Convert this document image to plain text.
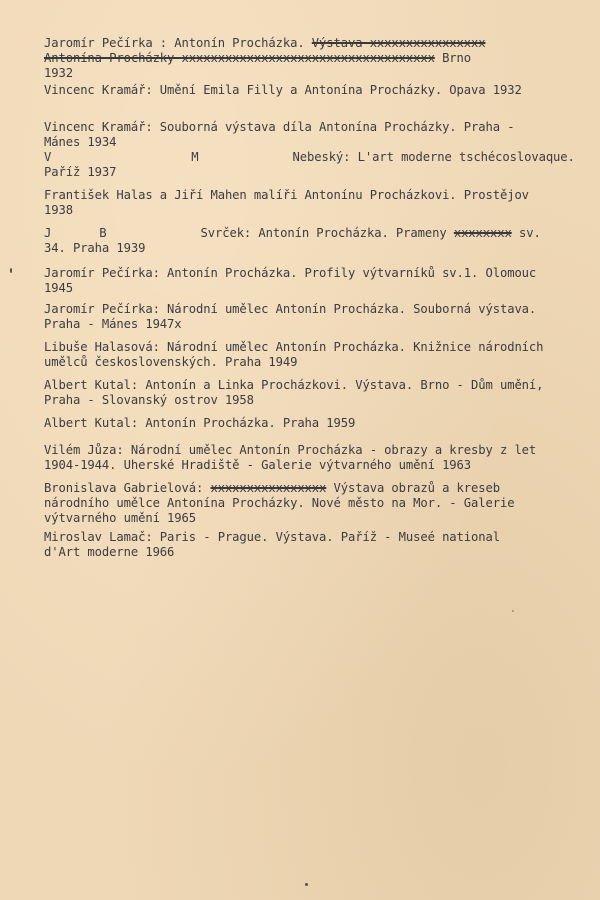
Jaromír Pečírka : Antonín Procházka. Výstava xxxxxxxxxxxxxxxx
Antonína Procházky xxxxxxxxxxxxxxxxxxxxxxxxxxxxxxxxxxx Brno
1932
Vincenc Kramář: Umění Emila Filly a Antonína Procházky. Opava 1932
Vincenc Kramář: Souborná výstava díla Antonína Procházky. Praha -
Mánes 1934
V	M	Nebeský: L'art moderne tschécoslovaque.
Paříž 1937
František Halas a Jiří Mahen malíři Antonínu Procházkovi. Prostějov
1938
J	B	Svrček: Antonín Procházka. Prameny xxxxxxxx sv.
34. Praha 1939
Jaromír Pečírka: Antonín Procházka. Profily výtvarníků sv.1. Olomouc
1945
Jaromír Pečírka: Národní umělec Antonín Procházka. Souborná výstava.
Praha - Mánes 1947x
Libuše Halasová: Národní umělec Antonín Procházka. Knižnice národních
umělců československých. Praha 1949
Albert Kutal: Antonín a Linka Procházkovi. Výstava. Brno - Dům umění,
Praha - Slovanský ostrov 1958
Albert Kutal: Antonín Procházka. Praha 1959
Vilém Jůza: Národní umělec Antonín Procházka - obrazy a kresby z let
1904-1944. Uherské Hradiště - Galerie výtvarného umění 1963
Bronislava Gabrielová: xxxxxxxxxxxxxxxx Výstava obrazů a kreseb
národního umělce Antonína Procházky. Nové město na Mor. - Galerie
výtvarného umění 1965
Miroslav Lamač: Paris - Prague. Výstava. Paříž - Museé national
d'Art moderne 1966
